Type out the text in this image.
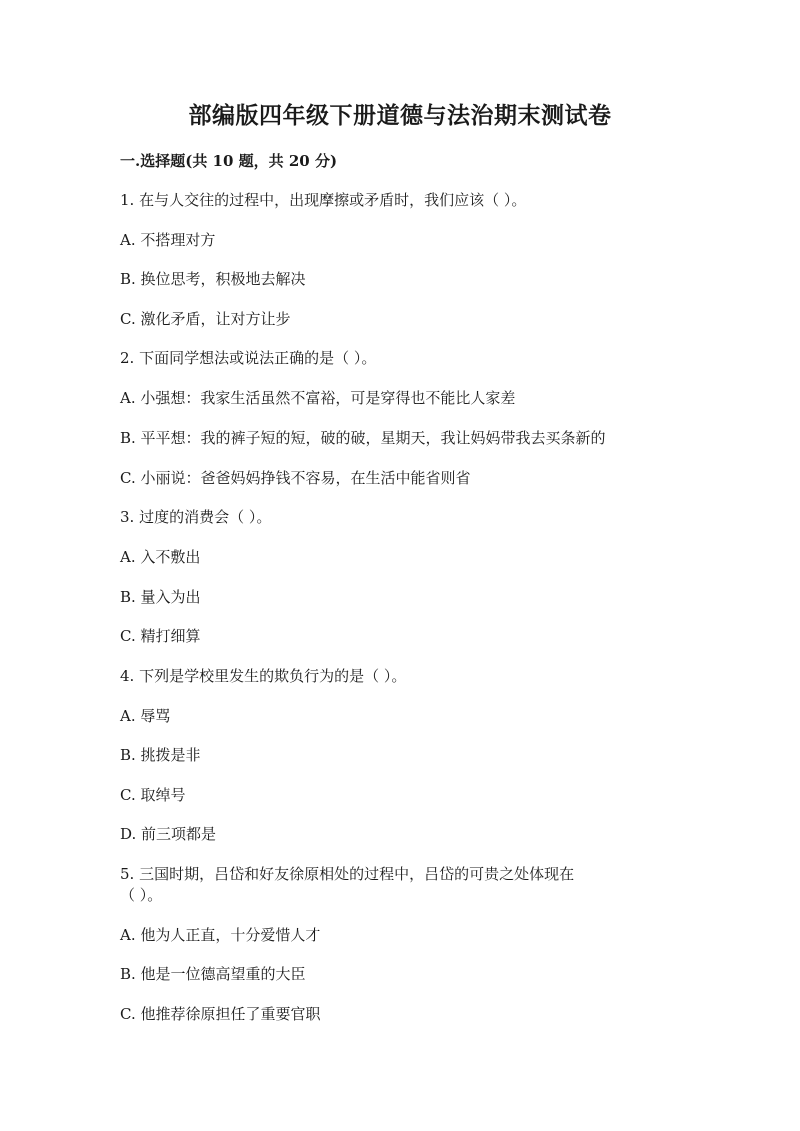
部编版四年级下册道德与法治期末测试卷
一.选择题(共 10 题，共 20 分)
1. 在与人交往的过程中，出现摩擦或矛盾时，我们应该（ ）。
A. 不搭理对方
B. 换位思考，积极地去解决
C. 激化矛盾，让对方让步
2. 下面同学想法或说法正确的是（ ）。
A. 小强想：我家生活虽然不富裕，可是穿得也不能比人家差
B. 平平想：我的裤子短的短，破的破，星期天，我让妈妈带我去买条新的
C. 小丽说：爸爸妈妈挣钱不容易，在生活中能省则省
3. 过度的消费会（ ）。
A. 入不敷出
B. 量入为出
C. 精打细算
4. 下列是学校里发生的欺负行为的是（ ）。
A. 辱骂
B. 挑拨是非
C. 取绰号
D. 前三项都是
5. 三国时期，吕岱和好友徐原相处的过程中，吕岱的可贵之处体现在
（ ）。
A. 他为人正直，十分爱惜人才
B. 他是一位德高望重的大臣
C. 他推荐徐原担任了重要官职
